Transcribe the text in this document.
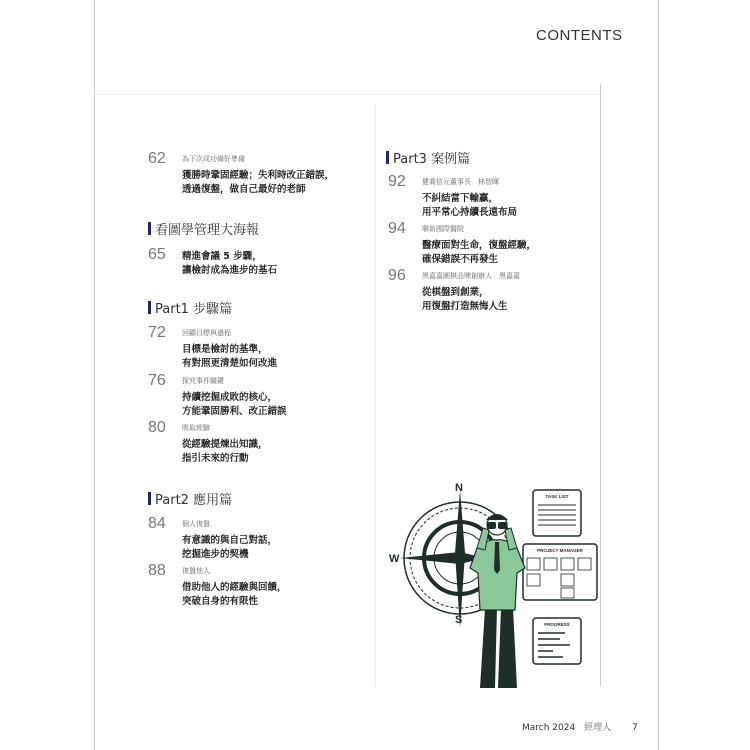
CONTENTS
62 為下次成功備好準備
獲勝時鞏固經驗；失利時改正錯誤，
透過復盤，做自己最好的老師
看圖學管理大海報
65 精進會議 5 步驟，
讓檢討成為進步的基石
Part1 步驟篇
72 回顧目標與過程
目標是檢討的基準，
有對照更清楚如何改進
76 探究事件關鍵
持續挖掘成敗的核心，
方能鞏固勝利、改正錯誤
80 吸取經驗
從經驗提煉出知識，
指引未來的行動
Part2 應用篇
84 個人復盤
有意識的與自己對話，
挖掘進步的契機
88 復盤他人
借助他人的經驗與回饋，
突破自身的有限性
Part3 案例篇
92 健喬信元董事長　林智暉
不糾結當下輸贏，
用平常心持續長遠布局
94 聯新國際醫院
醫療面對生命，復盤經驗，
確保錯誤不再發生
96 黑嘉嘉圍棋品牌創辦人　黑嘉嘉
從棋盤到創業，
用復盤打造無悔人生
N
S
W
TASK LIST
PROJECT MANAGER
PROGRESS
March 2024 經理人 7
